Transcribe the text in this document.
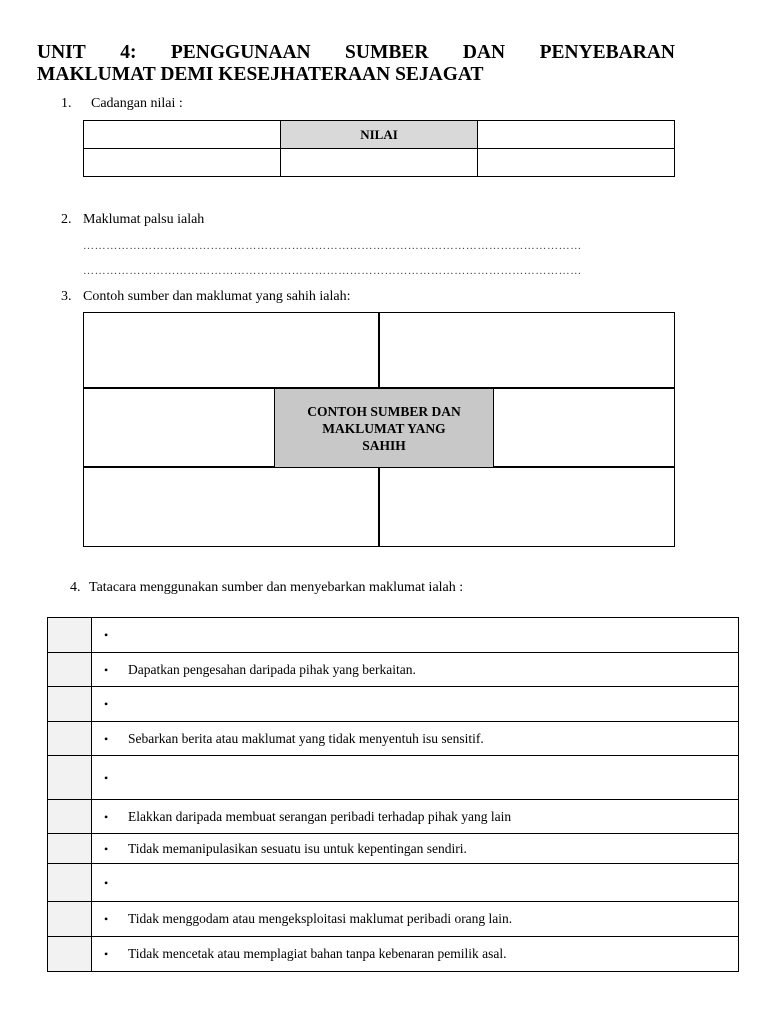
UNIT 4: PENGGUNAAN SUMBER DAN PENYEBARAN
MAKLUMAT DEMI KESEJHATERAAN SEJAGAT
1. Cadangan nilai :
	NILAI	

2. Maklumat palsu ialah
…………………………………………………………………………………………………………………
…………………………………………………………………………………………………………………
3. Contoh sumber dan maklumat yang sahih ialah:
CONTOH SUMBER DAN MAKLUMAT YANG SAHIH
4. Tatacara menggunakan sumber dan menyebarkan maklumat ialah :
	•
	• Dapatkan pengesahan daripada pihak yang berkaitan.
	•
	• Sebarkan berita atau maklumat yang tidak menyentuh isu sensitif.
	•
	• Elakkan daripada membuat serangan peribadi terhadap pihak yang lain
	• Tidak memanipulasikan sesuatu isu untuk kepentingan sendiri.
	•
	• Tidak menggodam atau mengeksploitasi maklumat peribadi orang lain.
	• Tidak mencetak atau memplagiat bahan tanpa kebenaran pemilik asal.
